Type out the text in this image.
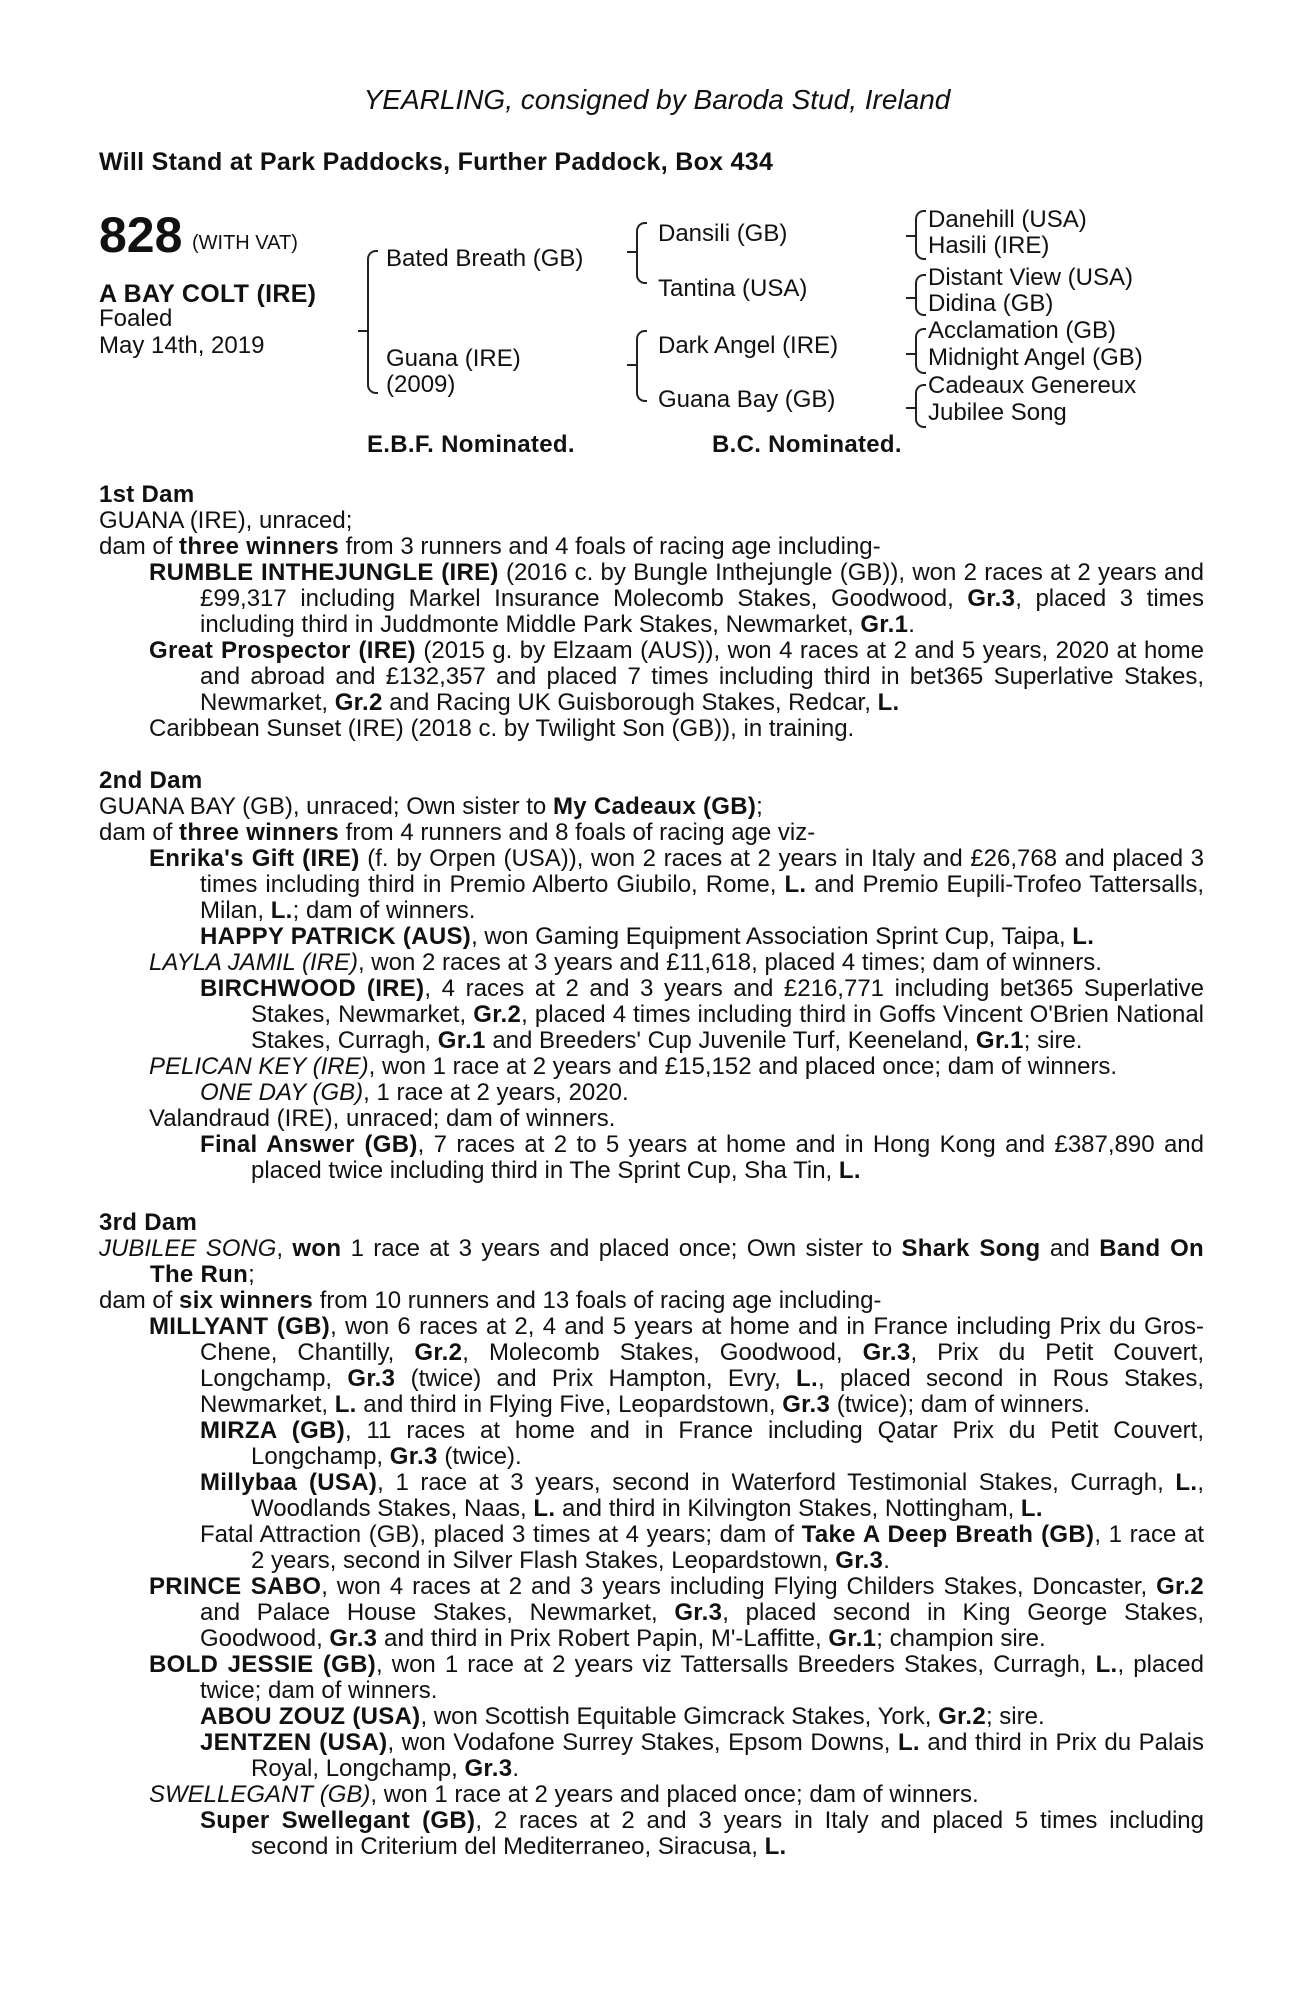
YEARLING, consigned by Baroda Stud, Ireland
Will Stand at Park Paddocks, Further Paddock, Box 434
828 (WITH VAT)
A BAY COLT (IRE)
Foaled
May 14th, 2019
Bated Breath (GB)
Guana (IRE)
(2009)
Dansili (GB)
Tantina (USA)
Dark Angel (IRE)
Guana Bay (GB)
Danehill (USA)
Hasili (IRE)
Distant View (USA)
Didina (GB)
Acclamation (GB)
Midnight Angel (GB)
Cadeaux Genereux
Jubilee Song
E.B.F. Nominated.	B.C. Nominated.

1st Dam

GUANA (IRE), unraced;

dam of three winners from 3 runners and 4 foals of racing age including-

RUMBLE INTHEJUNGLE (IRE) (2016 c. by Bungle Inthejungle (GB)), won 2 races at 2 years and £99,317 including Markel Insurance Molecomb Stakes, Goodwood, Gr.3, placed 3 times including third in Juddmonte Middle Park Stakes, Newmarket, Gr.1.

Great Prospector (IRE) (2015 g. by Elzaam (AUS)), won 4 races at 2 and 5 years, 2020 at home and abroad and £132,357 and placed 7 times including third in bet365 Superlative Stakes, Newmarket, Gr.2 and Racing UK Guisborough Stakes, Redcar, L.

Caribbean Sunset (IRE) (2018 c. by Twilight Son (GB)), in training.

2nd Dam

GUANA BAY (GB), unraced; Own sister to My Cadeaux (GB);

dam of three winners from 4 runners and 8 foals of racing age viz-

Enrika's Gift (IRE) (f. by Orpen (USA)), won 2 races at 2 years in Italy and £26,768 and placed 3 times including third in Premio Alberto Giubilo, Rome, L. and Premio Eupili-Trofeo Tattersalls, Milan, L.; dam of winners.

HAPPY PATRICK (AUS), won Gaming Equipment Association Sprint Cup, Taipa, L.

LAYLA JAMIL (IRE), won 2 races at 3 years and £11,618, placed 4 times; dam of winners.

BIRCHWOOD (IRE), 4 races at 2 and 3 years and £216,771 including bet365 Superlative Stakes, Newmarket, Gr.2, placed 4 times including third in Goffs Vincent O'Brien National Stakes, Curragh, Gr.1 and Breeders' Cup Juvenile Turf, Keeneland, Gr.1; sire.

PELICAN KEY (IRE), won 1 race at 2 years and £15,152 and placed once; dam of winners.

ONE DAY (GB), 1 race at 2 years, 2020.

Valandraud (IRE), unraced; dam of winners.

Final Answer (GB), 7 races at 2 to 5 years at home and in Hong Kong and £387,890 and placed twice including third in The Sprint Cup, Sha Tin, L.

3rd Dam

JUBILEE SONG, won 1 race at 3 years and placed once; Own sister to Shark Song and Band On The Run;

dam of six winners from 10 runners and 13 foals of racing age including-

MILLYANT (GB), won 6 races at 2, 4 and 5 years at home and in France including Prix du Gros-Chene, Chantilly, Gr.2, Molecomb Stakes, Goodwood, Gr.3, Prix du Petit Couvert, Longchamp, Gr.3 (twice) and Prix Hampton, Evry, L., placed second in Rous Stakes, Newmarket, L. and third in Flying Five, Leopardstown, Gr.3 (twice); dam of winners.

MIRZA (GB), 11 races at home and in France including Qatar Prix du Petit Couvert, Longchamp, Gr.3 (twice).

Millybaa (USA), 1 race at 3 years, second in Waterford Testimonial Stakes, Curragh, L., Woodlands Stakes, Naas, L. and third in Kilvington Stakes, Nottingham, L.

Fatal Attraction (GB), placed 3 times at 4 years; dam of Take A Deep Breath (GB), 1 race at 2 years, second in Silver Flash Stakes, Leopardstown, Gr.3.

PRINCE SABO, won 4 races at 2 and 3 years including Flying Childers Stakes, Doncaster, Gr.2 and Palace House Stakes, Newmarket, Gr.3, placed second in King George Stakes, Goodwood, Gr.3 and third in Prix Robert Papin, M'-Laffitte, Gr.1; champion sire.

BOLD JESSIE (GB), won 1 race at 2 years viz Tattersalls Breeders Stakes, Curragh, L., placed twice; dam of winners.

ABOU ZOUZ (USA), won Scottish Equitable Gimcrack Stakes, York, Gr.2; sire.

JENTZEN (USA), won Vodafone Surrey Stakes, Epsom Downs, L. and third in Prix du Palais Royal, Longchamp, Gr.3.

SWELLEGANT (GB), won 1 race at 2 years and placed once; dam of winners.

Super Swellegant (GB), 2 races at 2 and 3 years in Italy and placed 5 times including second in Criterium del Mediterraneo, Siracusa, L.
